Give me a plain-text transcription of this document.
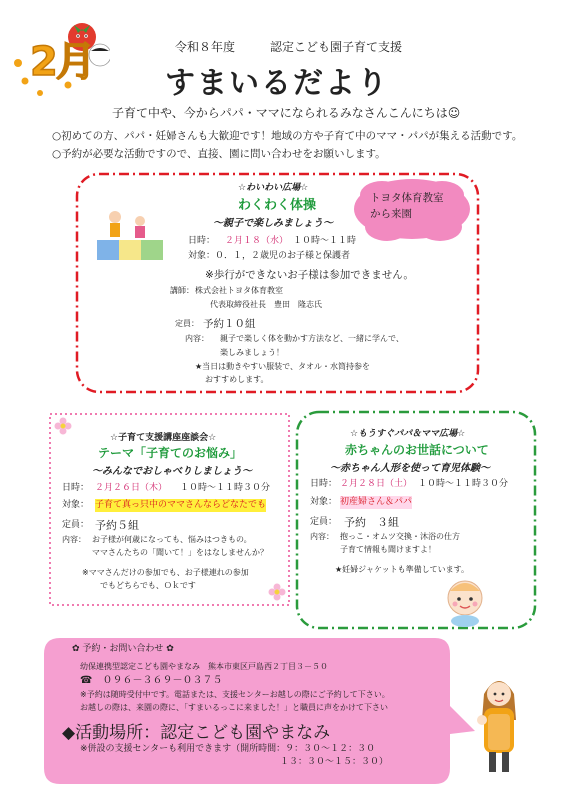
2月	令和８年度	認定こども園子育て支援
すまいるだより
子育て中や、今からパパ・ママになられるみなさんこんにちは☺
○初めての方、パパ・妊婦さんも大歓迎です！地域の方や子育て中のママ・パパが集える活動です。
○予約が必要な活動ですので、直接、園に問い合わせをお願いします。
トヨタ体育教室
から来園
☆わいわい広場☆
わくわく体操
～親子で楽しみましょう～
日時： ２月１８（水） １０時～１１時
対象：０．１，２歳児のお子様と保護者
※歩行ができないお子様は参加できません。
講師： 株式会社トヨタ体育教室
代表取締役社長　豊田　隆志氏
定員： 予約１０組
内容： 親子で楽しく体を動かす方法など、一緒に学んで、
楽しみましょう！
★当日は動きやすい服装で、タオル・水筒持参を
おすすめします。
☆子育て支援講座座談会☆
テーマ「子育てのお悩み」
～みんなでおしゃべりしましょう～
日時： ２月２６日（木） １０時～１１時３０分
対象： 子育て真っ只中のママさんならどなたでも
定員： 予約５組
内容： お子様が何歳になっても、悩みはつきもの。
ママさんたちの「聞いて！」をはなしませんか？
※ママさんだけの参加でも、お子様連れの参加
でもどちらでも、Ｏｋです
☆もうすぐパパ＆ママ広場☆
赤ちゃんのお世話について
～赤ちゃん人形を使って育児体験～
日時： ２月２８日（土） １０時～１１時３０分
対象： 初産婦さん＆パパ
定員： 予約　３組
内容： 抱っこ・オムツ交換・沐浴の仕方
子育て情報も聞けますよ！
★妊婦ジャケットも準備しています。
✿ 予約・お問い合わせ ✿
幼保連携型認定こども園やまなみ　熊本市東区戸島西２丁目３－５０
☎　０９６－３６９－０３７５
※予約は随時受付中です。電話または、支援センターお越しの際にご予約して下さい。
お越しの際は、来園の際に、「すまいるっこに来ました！」と職員に声をかけて下さい
◆活動場所：認定こども園やまなみ
※併設の支援センターも利用できます（開所時間：９：３０～１２：３０
１３：３０～１５：３０）
